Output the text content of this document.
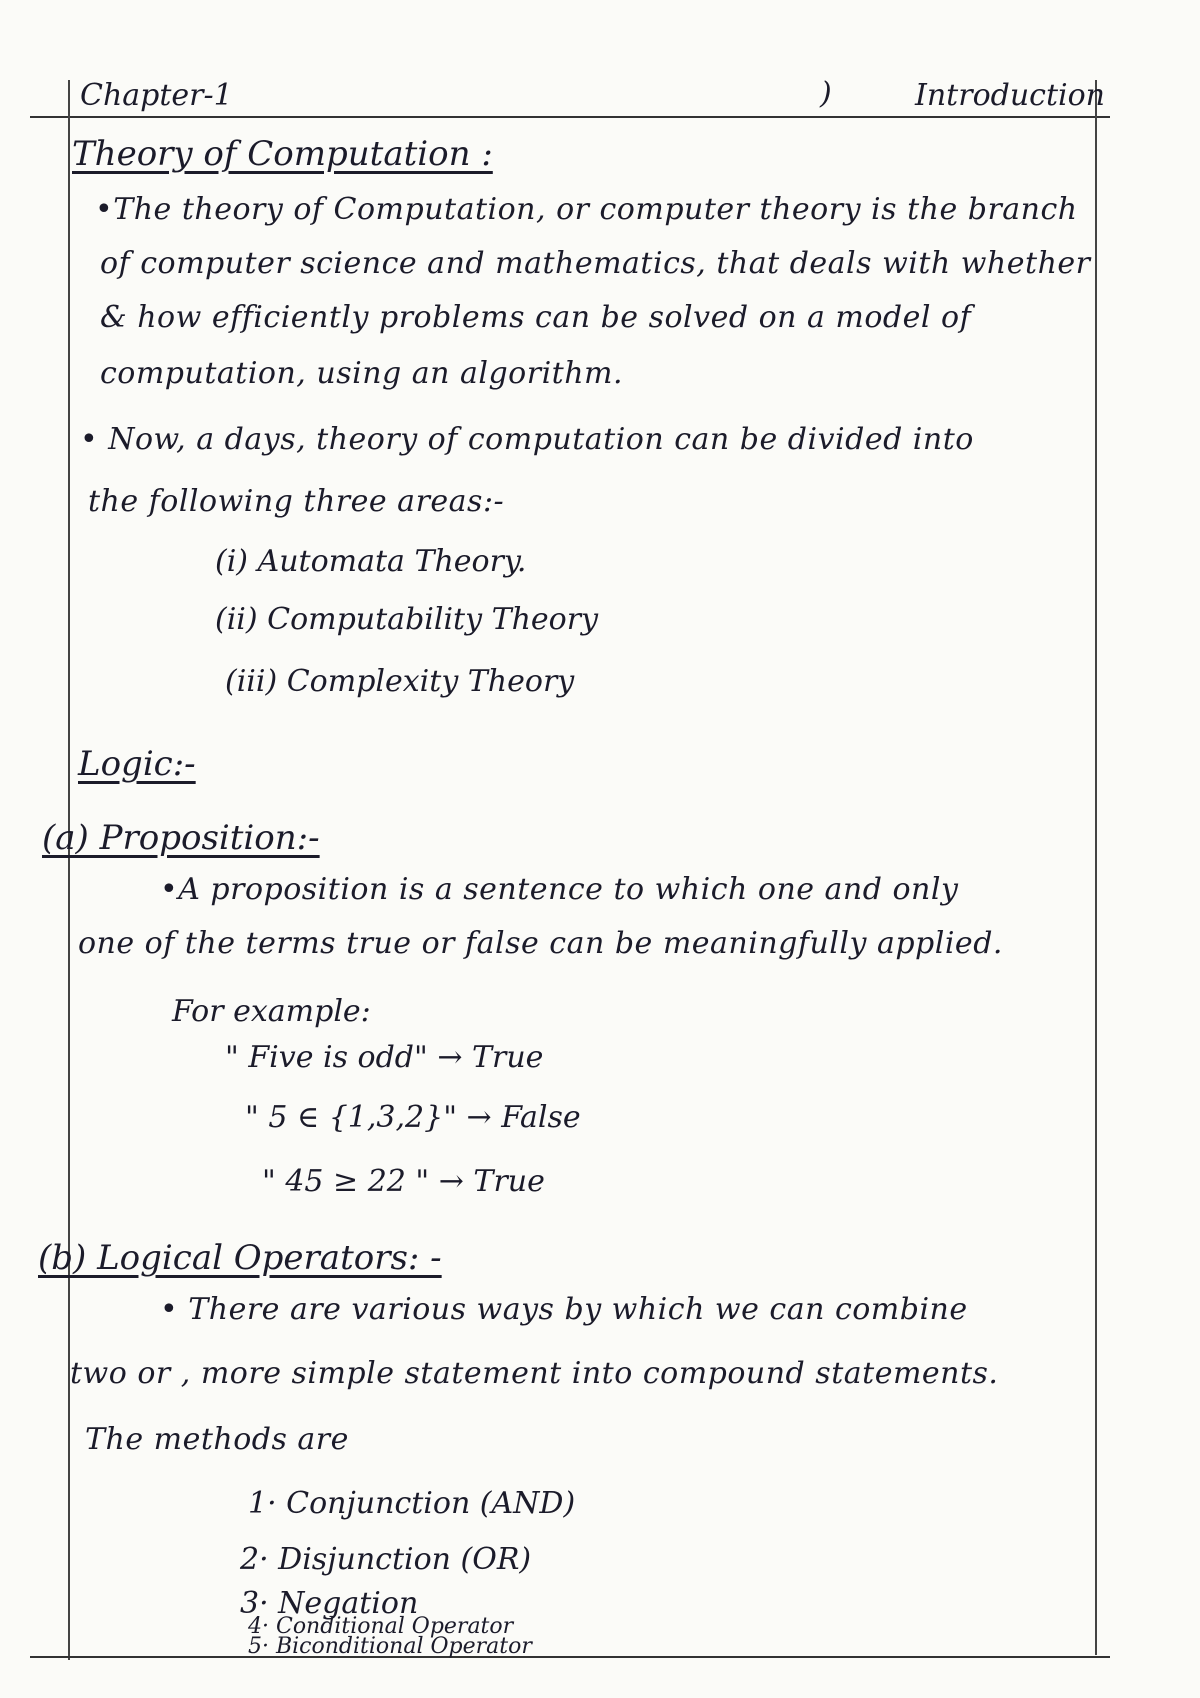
Chapter-1	)	Introduction
Theory of Computation :
•The theory of Computation, or computer theory is the branch
of computer science and mathematics, that deals with whether
& how efficiently problems can be solved on a model of
computation, using an algorithm.
• Now, a days, theory of computation can be divided into
the following three areas:-
(i) Automata Theory.
(ii) Computability Theory
(iii) Complexity Theory
Logic:-
(a) Proposition:-
•A proposition is a sentence to which one and only
one of the terms true or false can be meaningfully applied.
For example:
" Five is odd" → True
" 5 ∈ {1,3,2}" → False
" 45 ≥ 22 " → True
(b) Logical Operators: -
• There are various ways by which we can combine
two or , more simple statement into compound statements.
The methods are
1· Conjunction (AND)
2· Disjunction (OR)
3· Negation
4· Conditional Operator
5· Biconditional Operator
